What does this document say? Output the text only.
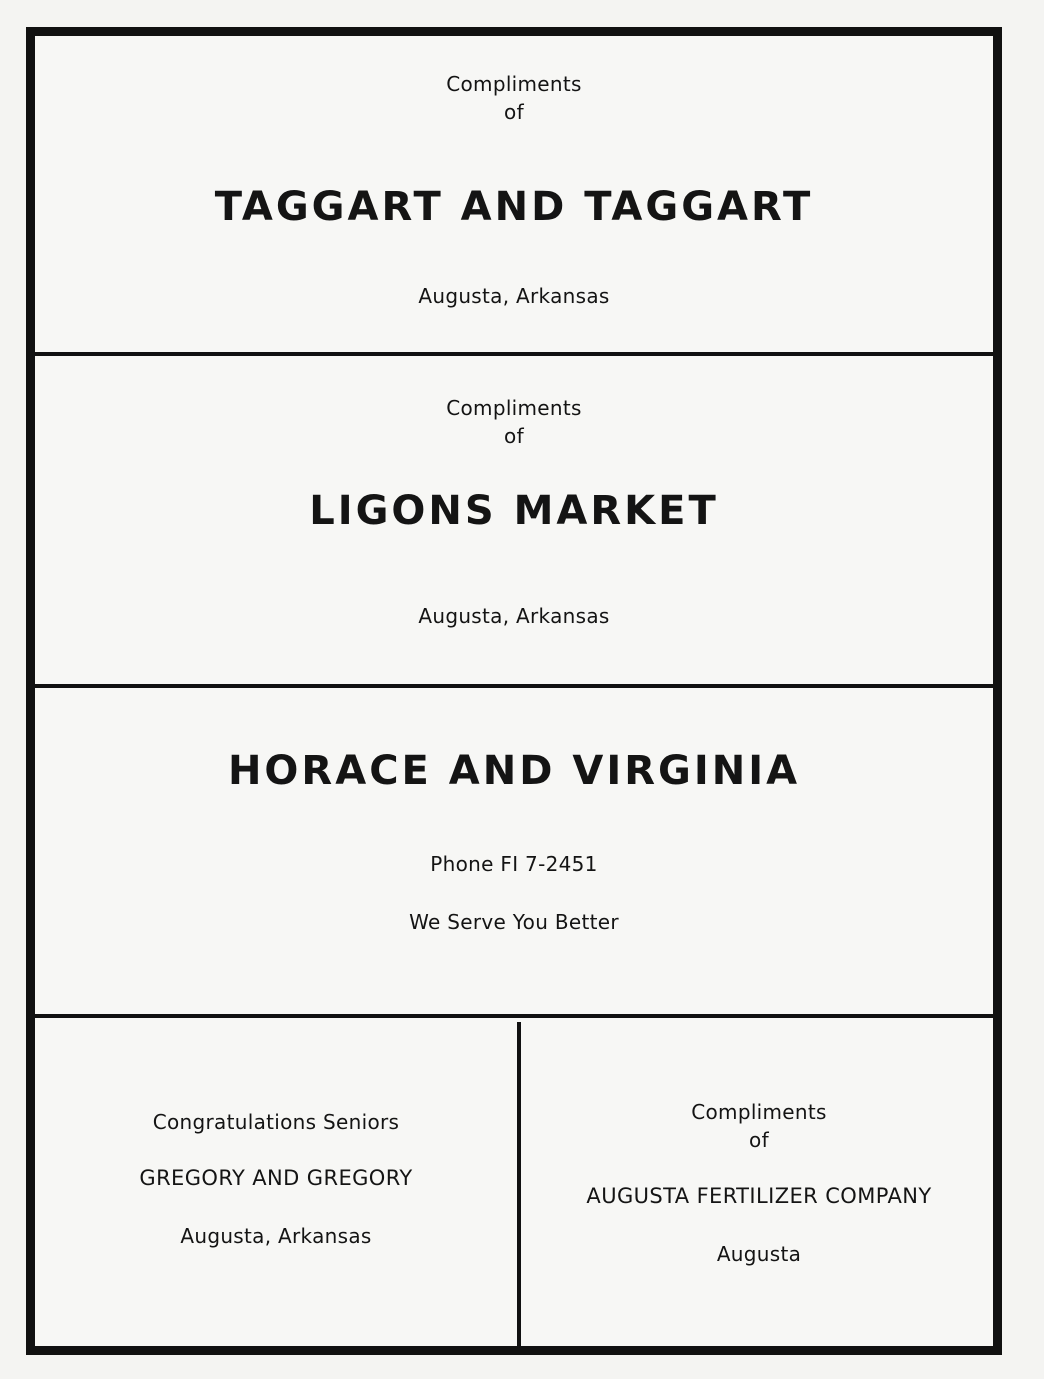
Compliments
of
TAGGART AND TAGGART
Augusta, Arkansas
Compliments
of
LIGONS MARKET
Augusta, Arkansas
HORACE AND VIRGINIA
Phone FI 7-2451
We Serve You Better
Congratulations Seniors
GREGORY AND GREGORY
Augusta, Arkansas
Compliments
of
AUGUSTA FERTILIZER COMPANY
Augusta
